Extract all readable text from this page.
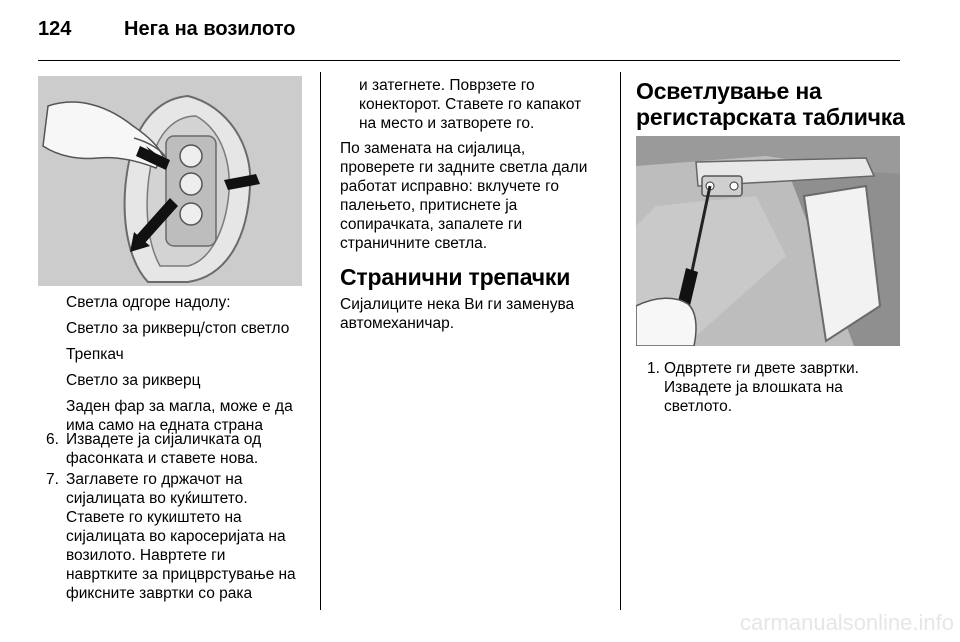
124	Нега на возилото
Светла одгоре надолу:
Светло за рикверц/стоп светло
Трепкач
Светло за рикверц
Заден фар за магла, може е да
има само на едната страна
6. Извадете ја сијаличката од
фасонката и ставете нова.
7. Заглавете го држачот на
сијалицата во куќиштето.
Ставете го кукиштето на
сијалицата во каросеријата на
возилото. Навртете ги
навртките за прицврстување на
фиксните завртки со рака
и затегнете. Поврзете го
конекторот. Ставете го капакот
на место и затворете го.
По замената на сијалица,
проверете ги задните светла дали
работат исправно: вклучете го
палењето, притиснете ја
сопирачката, запалете ги
страничните светла.
Странични трепачки
Сијалиците нека Ви ги заменува
автомеханичар.
Осветлување на
регистарската табличка
1. Одвртете ги двете завртки.
Извадете ја влошката на
светлото.
carmanualsonline.info
